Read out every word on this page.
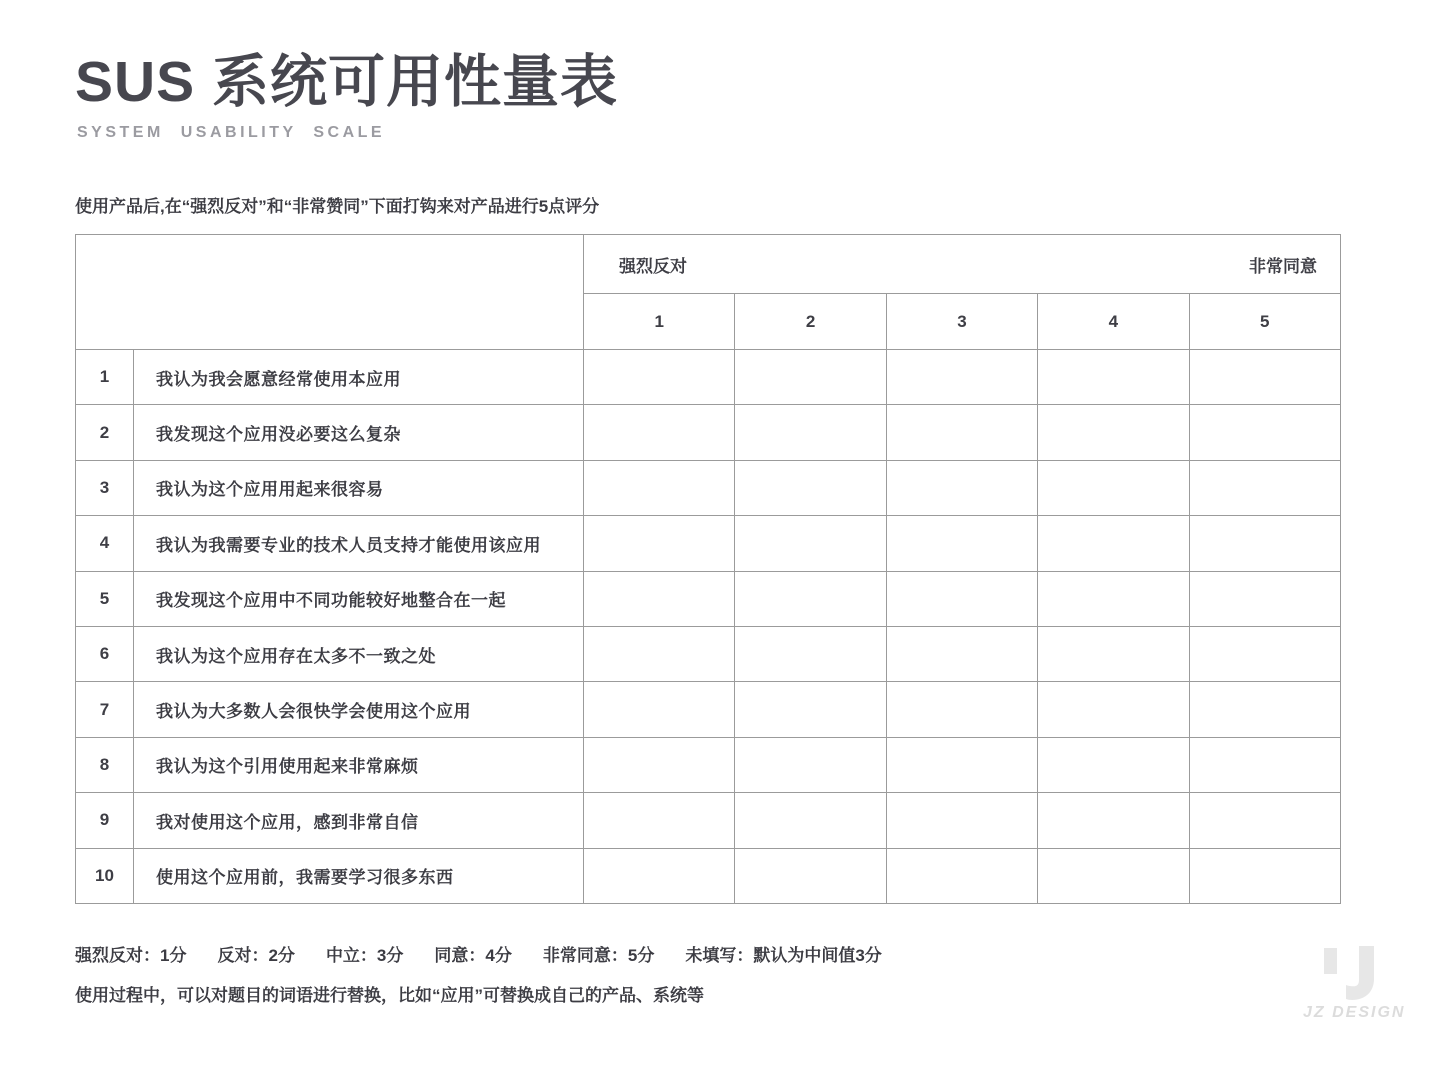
SUS 系统可用性量表
SYSTEM USABILITY SCALE
使用产品后,在“强烈反对”和“非常赞同”下面打钩来对产品进行5点评分

		强烈反对 非常同意				

		1	2	3	4	5
1	我认为我会愿意经常使用本应用					
2	我发现这个应用没必要这么复杂					
3	我认为这个应用用起来很容易					
4	我认为我需要专业的技术人员支持才能使用该应用					
5	我发现这个应用中不同功能较好地整合在一起					
6	我认为这个应用存在太多不一致之处					
7	我认为大多数人会很快学会使用这个应用					
8	我认为这个引用使用起来非常麻烦					
9	我对使用这个应用，感到非常自信					
10	使用这个应用前，我需要学习很多东西					
强烈反对：1分 反对：2分 中立：3分 同意：4分 非常同意：5分 未填写：默认为中间值3分
使用过程中，可以对题目的词语进行替换，比如“应用”可替换成自己的产品、系统等
JZ DESIGN
